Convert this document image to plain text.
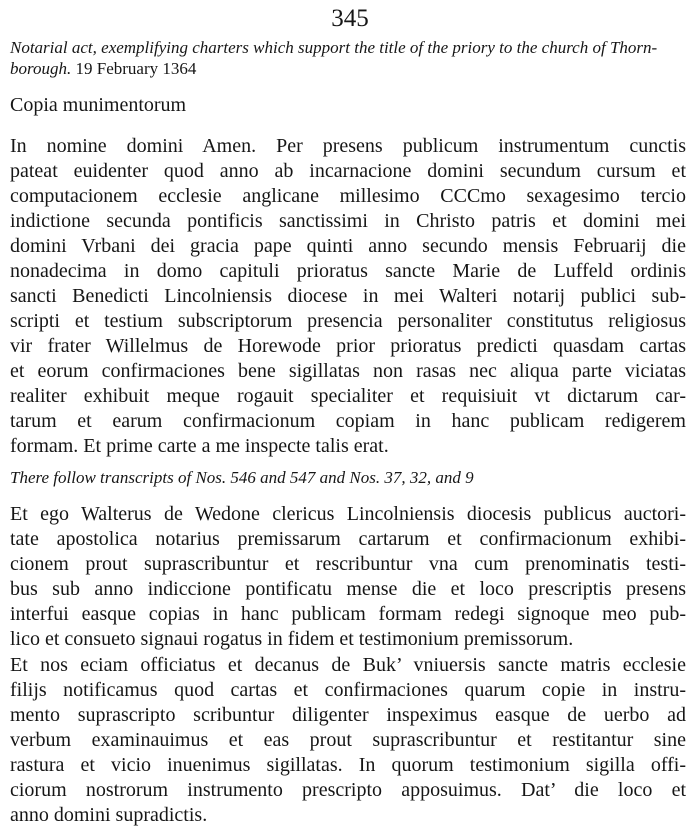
345
Notarial act, exemplifying charters which support the title of the priory to the church of Thorn-
borough. 19 February 1364
Copia munimentorum
In nomine domini Amen. Per presens publicum instrumentum cunctis
pateat euidenter quod anno ab incarnacione domini secundum cursum et
computacionem ecclesie anglicane millesimo CCCmo sexagesimo tercio
indictione secunda pontificis sanctissimi in Christo patris et domini mei
domini Vrbani dei gracia pape quinti anno secundo mensis Februarij die
nonadecima in domo capituli prioratus sancte Marie de Luffeld ordinis
sancti Benedicti Lincolniensis diocese in mei Walteri notarij publici sub-
scripti et testium subscriptorum presencia personaliter constitutus religiosus
vir frater Willelmus de Horewode prior prioratus predicti quasdam cartas
et eorum confirmaciones bene sigillatas non rasas nec aliqua parte viciatas
realiter exhibuit meque rogauit specialiter et requisiuit vt dictarum car-
tarum et earum confirmacionum copiam in hanc publicam redigerem
formam. Et prime carte a me inspecte talis erat.
There follow transcripts of Nos. 546 and 547 and Nos. 37, 32, and 9
Et ego Walterus de Wedone clericus Lincolniensis diocesis publicus auctori-
tate apostolica notarius premissarum cartarum et confirmacionum exhibi-
cionem prout suprascribuntur et rescribuntur vna cum prenominatis testi-
bus sub anno indiccione pontificatu mense die et loco prescriptis presens
interfui easque copias in hanc publicam formam redegi signoque meo pub-
lico et consueto signaui rogatus in fidem et testimonium premissorum.
Et nos eciam officiatus et decanus de Buk’ vniuersis sancte matris ecclesie
filijs notificamus quod cartas et confirmaciones quarum copie in instru-
mento suprascripto scribuntur diligenter inspeximus easque de uerbo ad
verbum examinauimus et eas prout suprascribuntur et restitantur sine
rastura et vicio inuenimus sigillatas. In quorum testimonium sigilla offi-
ciorum nostrorum instrumento prescripto apposuimus. Dat’ die loco et
anno domini supradictis.
